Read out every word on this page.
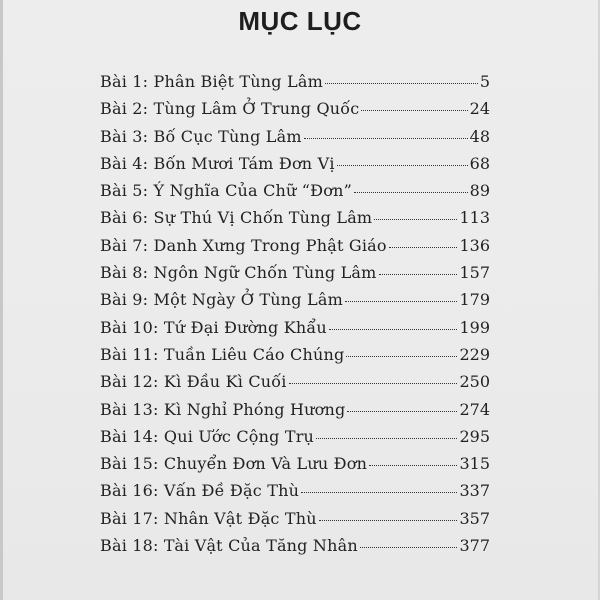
MỤC LỤC
Bài 1: Phân Biệt Tùng Lâm	5
Bài 2: Tùng Lâm Ở Trung Quốc	24
Bài 3: Bố Cục Tùng Lâm	48
Bài 4: Bốn Mươi Tám Đơn Vị	68
Bài 5: Ý Nghĩa Của Chữ “Đơn”	89
Bài 6: Sự Thú Vị Chốn Tùng Lâm	113
Bài 7: Danh Xưng Trong Phật Giáo	136
Bài 8: Ngôn Ngữ Chốn Tùng Lâm	157
Bài 9: Một Ngày Ở Tùng Lâm	179
Bài 10: Tứ Đại Đường Khẩu	199
Bài 11: Tuần Liêu Cáo Chúng	229
Bài 12: Kì Đầu Kì Cuối	250
Bài 13: Kì Nghỉ Phóng Hương	274
Bài 14: Qui Ước Cộng Trụ	295
Bài 15: Chuyển Đơn Và Lưu Đơn	315
Bài 16: Vấn Đề Đặc Thù	337
Bài 17: Nhân Vật Đặc Thù	357
Bài 18: Tài Vật Của Tăng Nhân	377
